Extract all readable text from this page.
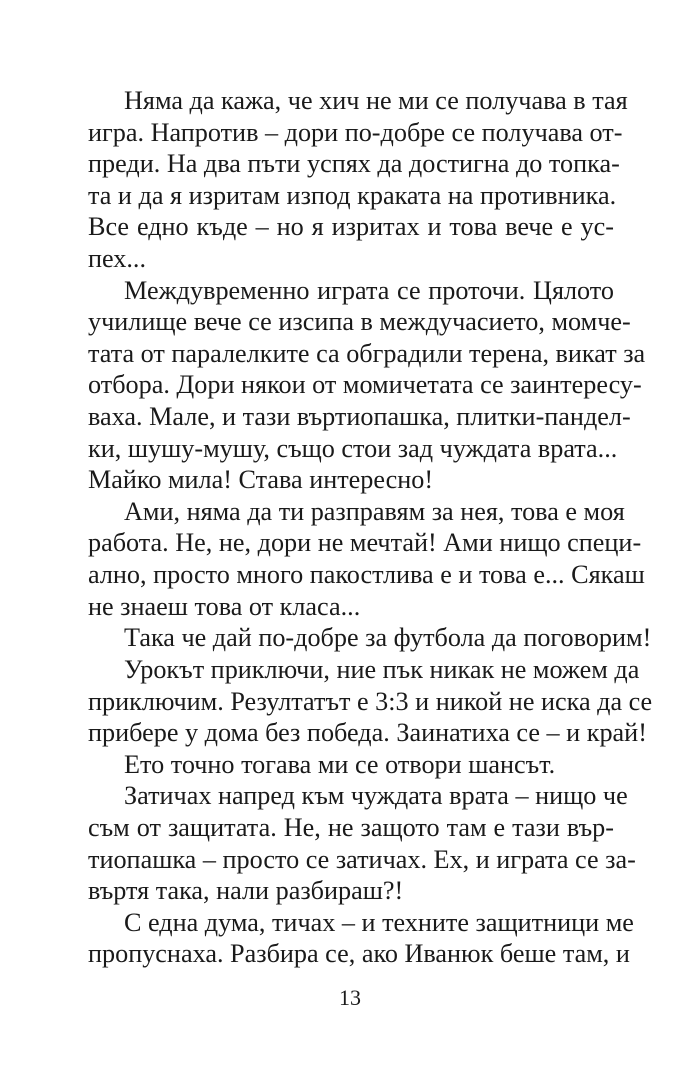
Няма да кажа, че хич не ми се получава в тая
игра. Напротив – дори по-добре се получава от-
преди. На два пъти успях да достигна до топка-
та и да я изритам изпод краката на противника.
Все едно къде – но я изритах и това вече е ус-
пех...
Междувременно играта се проточи. Цялото
училище вече се изсипа в междучасието, момче-
тата от паралелките са обградили терена, викат за
отбора. Дори някои от момичетата се заинтересу-
ваха. Мале, и тази въртиопашка, плитки-пандел-
ки, шушу-мушу, също стои зад чуждата врата...
Майко мила! Става интересно!
Ами, няма да ти разправям за нея, това е моя
работа. Не, не, дори не мечтай! Ами нищо специ-
ално, просто много пакостлива е и това е... Сякаш
не знаеш това от класа...
Така че дай по-добре за футбола да поговорим!
Урокът приключи, ние пък никак не можем да
приключим. Резултатът е 3:3 и никой не иска да се
прибере у дома без победа. Заинатиха се – и край!
Ето точно тогава ми се отвори шансът.
Затичах напред към чуждата врата – нищо че
съм от защитата. Не, не защото там е тази вър-
тиопашка – просто се затичах. Ех, и играта се за-
въртя така, нали разбираш?!
С една дума, тичах – и техните защитници ме
пропуснаха. Разбира се, ако Иванюк беше там, и
13
